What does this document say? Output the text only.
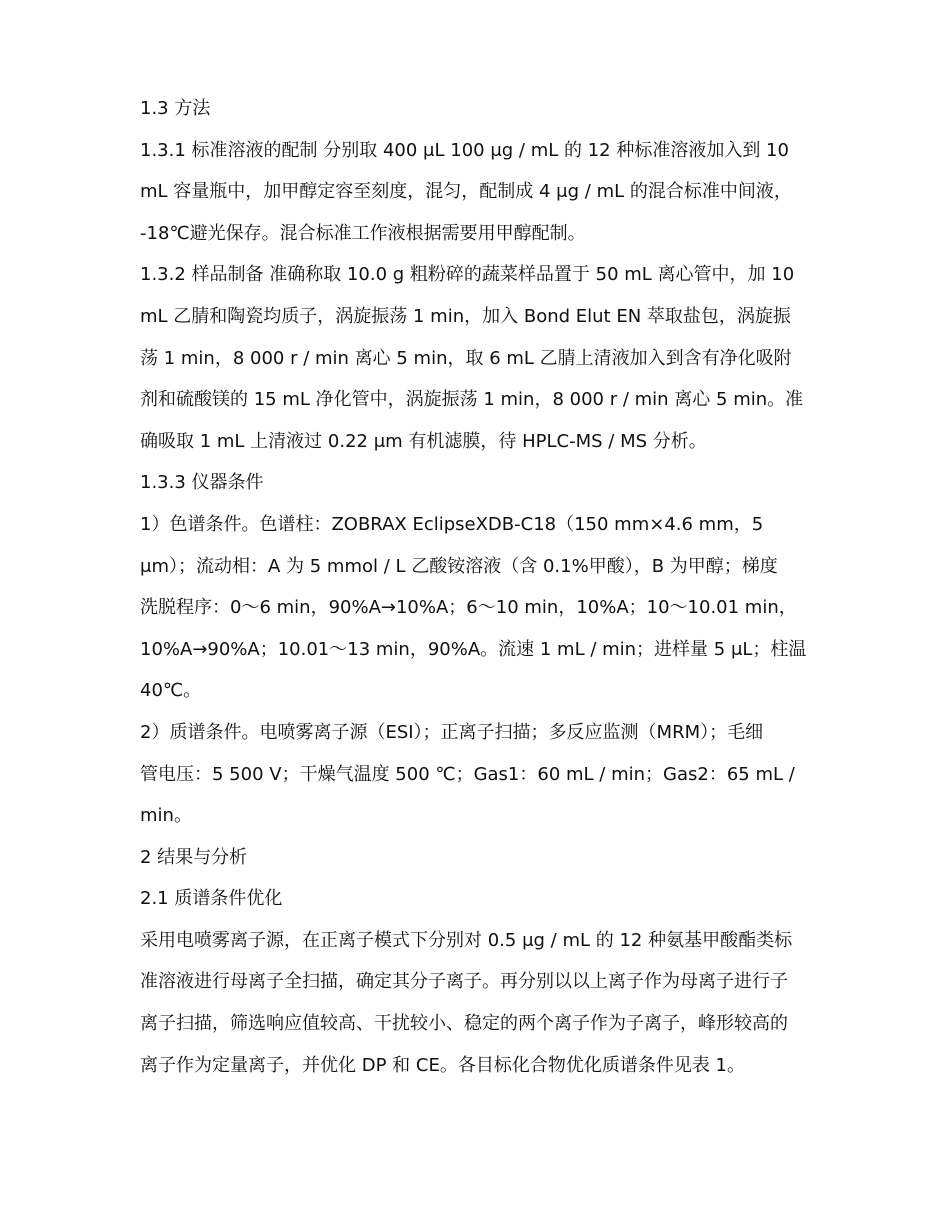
1.3 方法

1.3.1 标准溶液的配制 分别取 400 μL 100 μg / mL 的 12 种标准溶液加入到 10
mL 容量瓶中，加甲醇定容至刻度，混匀，配制成 4 μg / mL 的混合标准中间液，
-18℃避光保存。混合标准工作液根据需要用甲醇配制。

1.3.2 样品制备 准确称取 10.0 g 粗粉碎的蔬菜样品置于 50 mL 离心管中，加 10
mL 乙腈和陶瓷均质子，涡旋振荡 1 min，加入 Bond Elut EN 萃取盐包，涡旋振
荡 1 min，8 000 r / min 离心 5 min，取 6 mL 乙腈上清液加入到含有净化吸附
剂和硫酸镁的 15 mL 净化管中，涡旋振荡 1 min，8 000 r / min 离心 5 min。准
确吸取 1 mL 上清液过 0.22 μm 有机滤膜，待 HPLC-MS / MS 分析。

1.3.3 仪器条件

1）色谱条件。色谱柱：ZOBRAX EclipseXDB-C18（150 mm×4.6 mm，5
μm）；流动相：A 为 5 mmol / L 乙酸铵溶液（含 0.1%甲酸），B 为甲醇；梯度
洗脱程序：0～6 min，90%A→10%A；6～10 min，10%A；10～10.01 min，
10%A→90%A；10.01～13 min，90%A。流速 1 mL / min；进样量 5 μL；柱温
40℃。

2）质谱条件。电喷雾离子源（ESI）；正离子扫描；多反应监测（MRM）；毛细
管电压：5 500 V；干燥气温度 500 ℃；Gas1：60 mL / min；Gas2：65 mL /
min。

2 结果与分析

2.1 质谱条件优化

采用电喷雾离子源，在正离子模式下分别对 0.5 μg / mL 的 12 种氨基甲酸酯类标
准溶液进行母离子全扫描，确定其分子离子。再分别以以上离子作为母离子进行子
离子扫描，筛选响应值较高、干扰较小、稳定的两个离子作为子离子，峰形较高的
离子作为定量离子，并优化 DP 和 CE。各目标化合物优化质谱条件见表 1。
